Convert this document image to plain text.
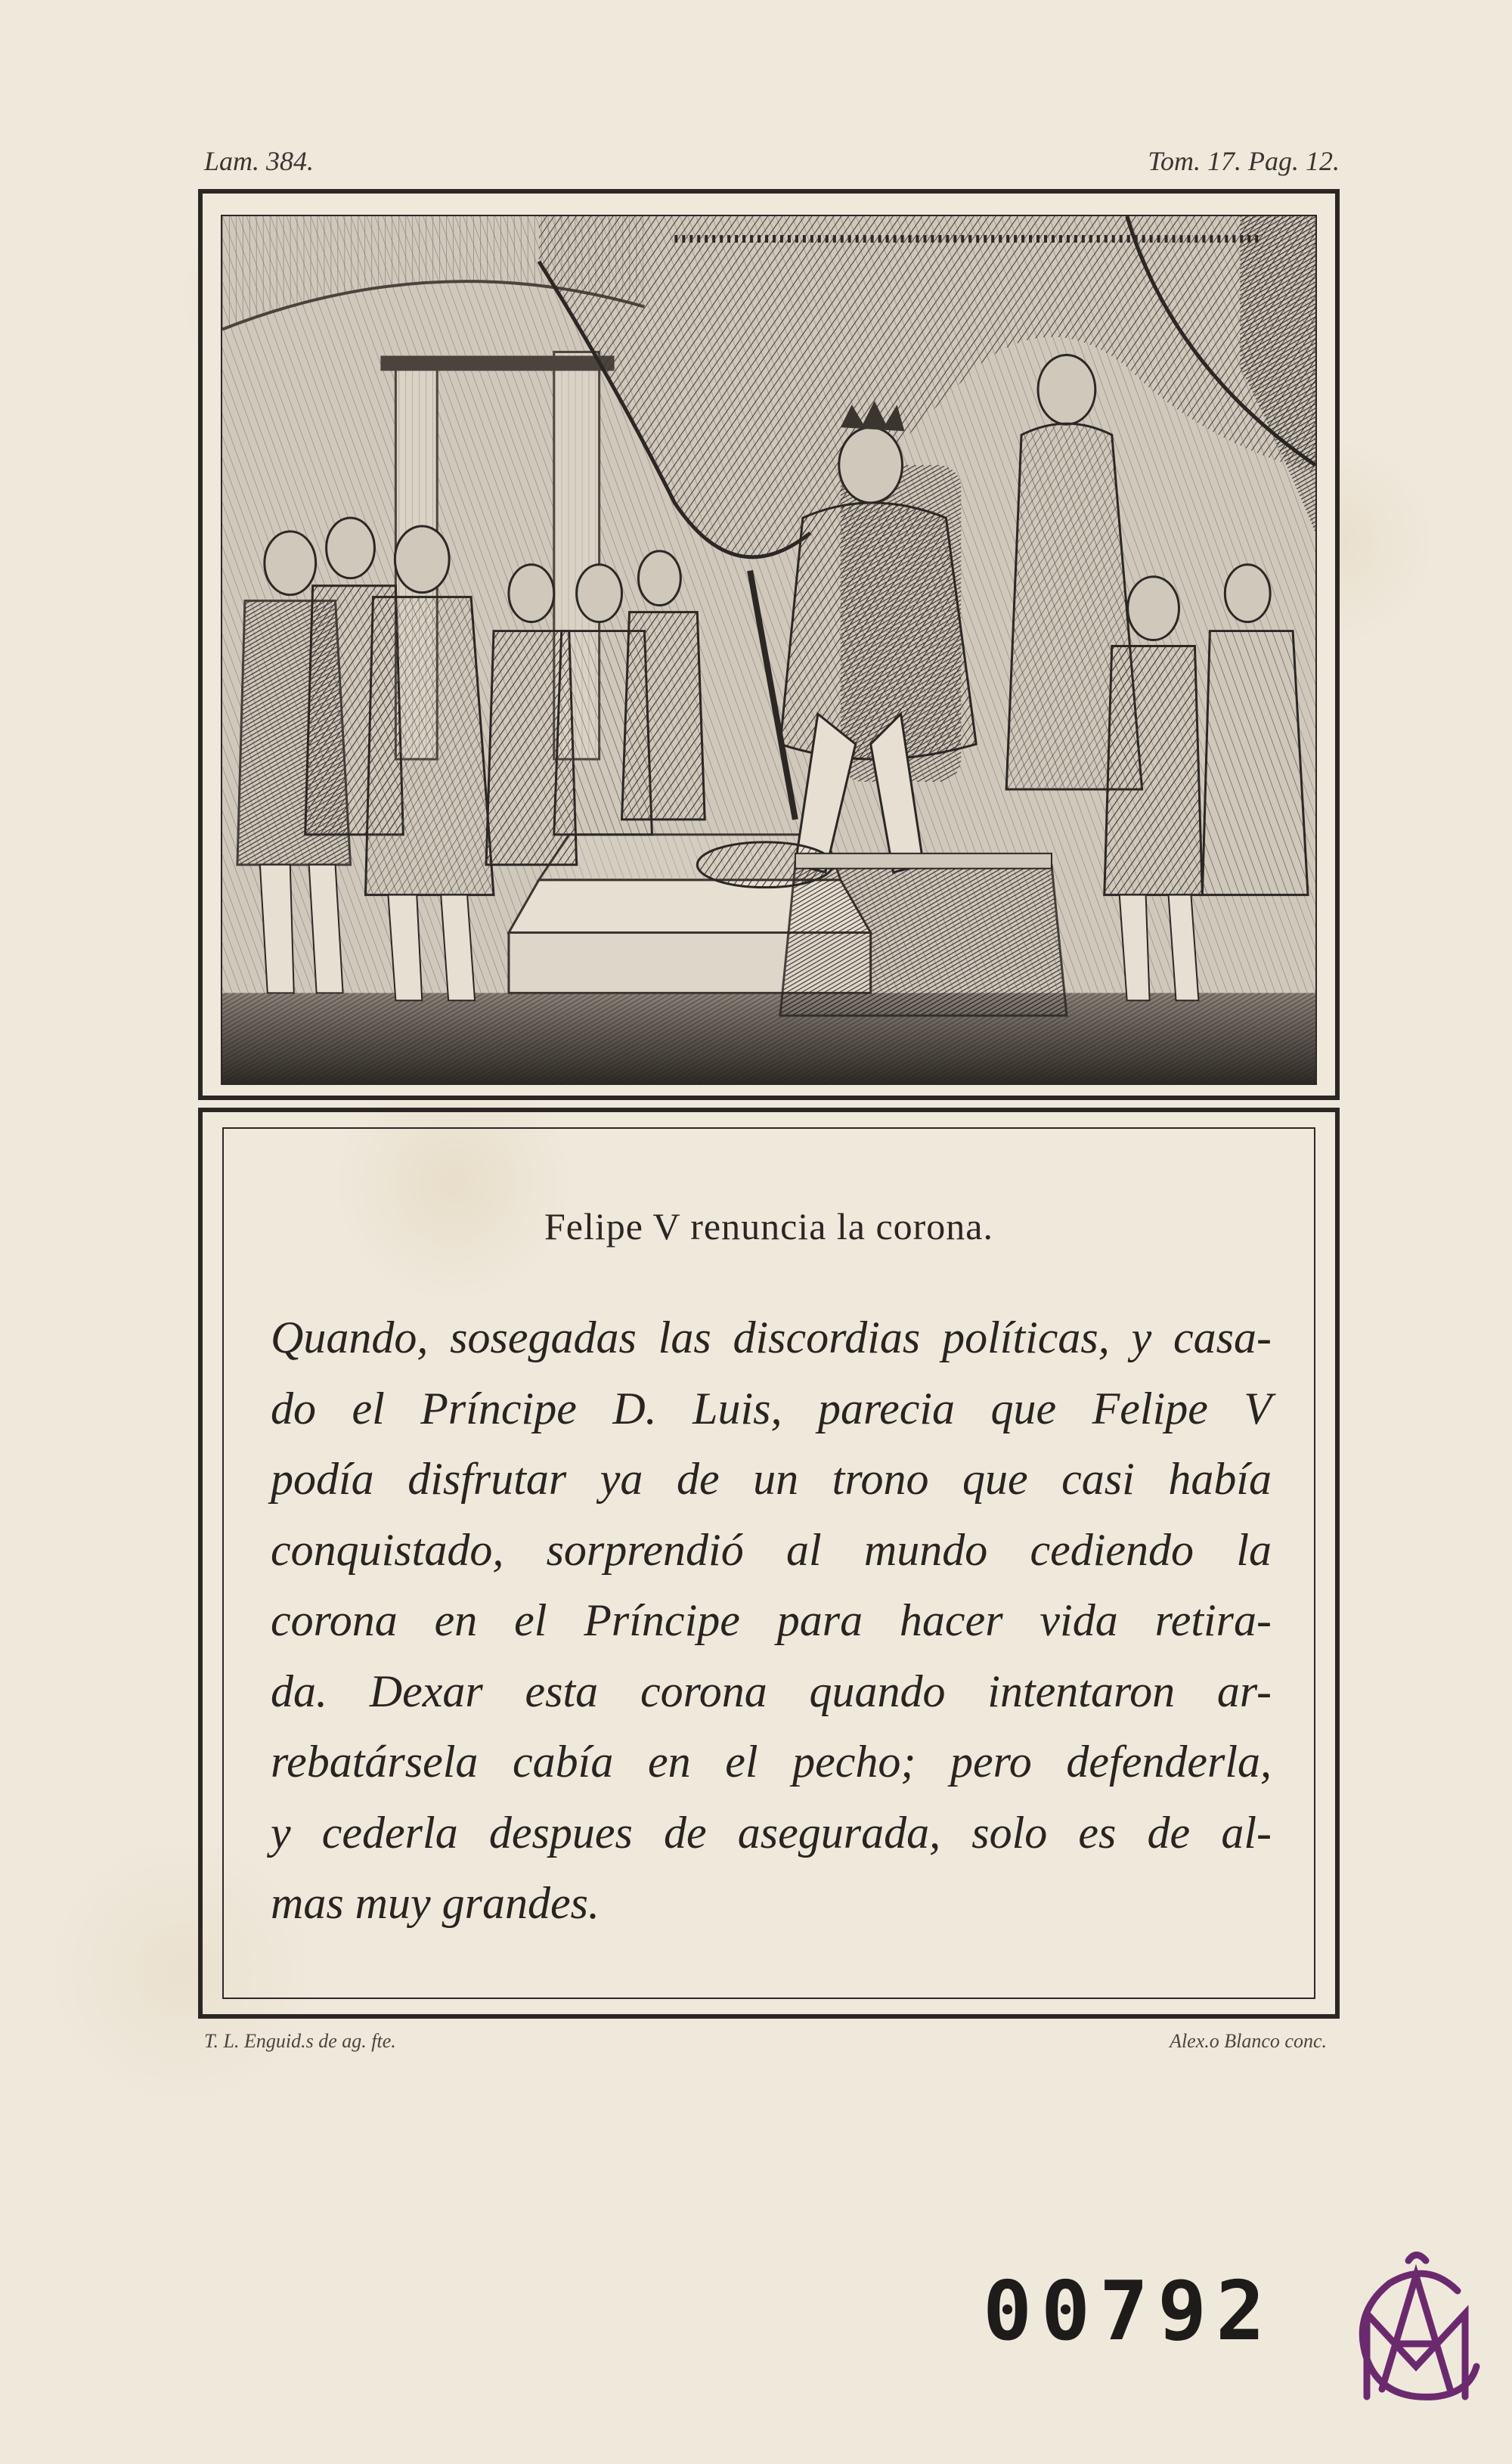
Lam. 384.	Tom. 17. Pag. 12.
Felipe V renuncia la corona.
Quando, sosegadas las discordias políticas, y casa-
do el Príncipe D. Luis, parecia que Felipe V
podía disfrutar ya de un trono que casi había
conquistado, sorprendió al mundo cediendo la
corona en el Príncipe para hacer vida retira-
da. Dexar esta corona quando intentaron ar-
rebatársela cabía en el pecho; pero defenderla,
y cederla despues de asegurada, solo es de al-
mas muy grandes.
T. L. Enguid.s de ag. fte.	Alex.o Blanco conc.
00792
